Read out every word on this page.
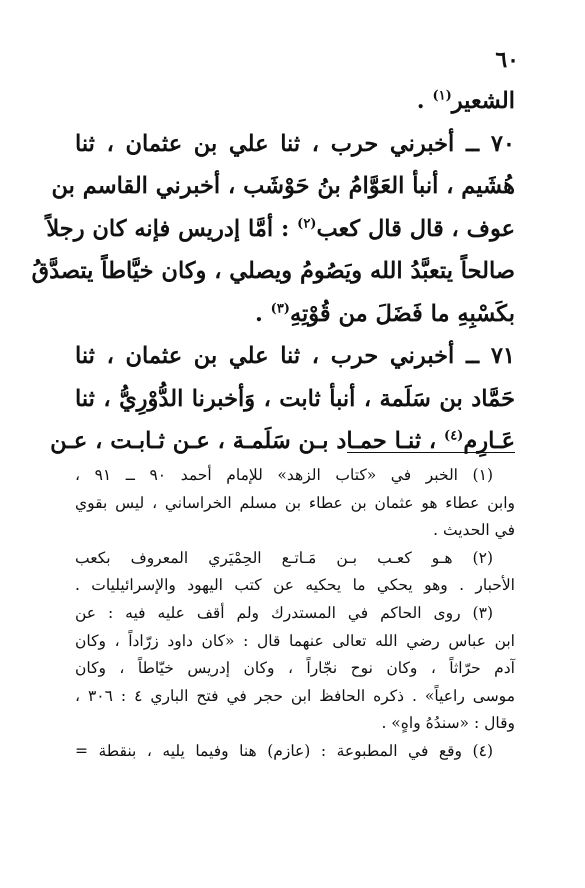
٦٠
الشعير$^{(١)}$ .
٧٠ ــ أخبرني حرب ، ثنا علي بن عثمان ، ثنا
هُشَيم ، أنبأ العَوَّامُ بنُ حَوْشَب ، أخبرني القاسم بن
عوف ، قال قال كعب$^{(٢)}$ : أمَّا إدريس فإنه كان رجلاً
صالحاً يتعبَّدُ الله ويَصُومُ ويصلي ، وكان خيَّاطاً يتصدَّقُ
بكَسْبِهِ ما فَضَلَ من قُوْتِهِ$^{(٣)}$ .
٧١ ــ أخبرني حرب ، ثنا علي بن عثمان ، ثنا
حَمَّاد بن سَلَمة ، أنبأ ثابت ، وَأخبرنا الدُّوْرِيُّ ، ثنا
عَـارِم$^{(٤)}$ ، ثنـا حمـاد بـن سَلَمـة ، عـن ثـابـت ، عـن
(١) الخبر في «كتاب الزهد» للإمام أحمد ٩٠ ــ ٩١ ،
وابن عطاء هو عثمان بن عطاء بن مسلم الخراساني ، ليس بقوي
في الحديث .
(٢) هـو كعـب بـن مَـاتـع الحِمْيَري المعروف بكعب
الأحبار . وهو يحكي ما يحكيه عن كتب اليهود والإسرائيليات .
(٣) روى الحاكم في المستدرك ولم أقف عليه فيه : عن
ابن عباس رضي الله تعالى عنهما قال : «كان داود زرّاداً ، وكان
آدم حرّاثاً ، وكان نوح نجّاراً ، وكان إدريس خيّاطاً ، وكان
موسى راعياً» . ذكره الحافظ ابن حجر في فتح الباري ٤ : ٣٠٦ ،
وقال : «سندُهُ واهٍ» .
(٤) وقع في المطبوعة : (عازم) هنا وفيما يليه ، بنقطة =
